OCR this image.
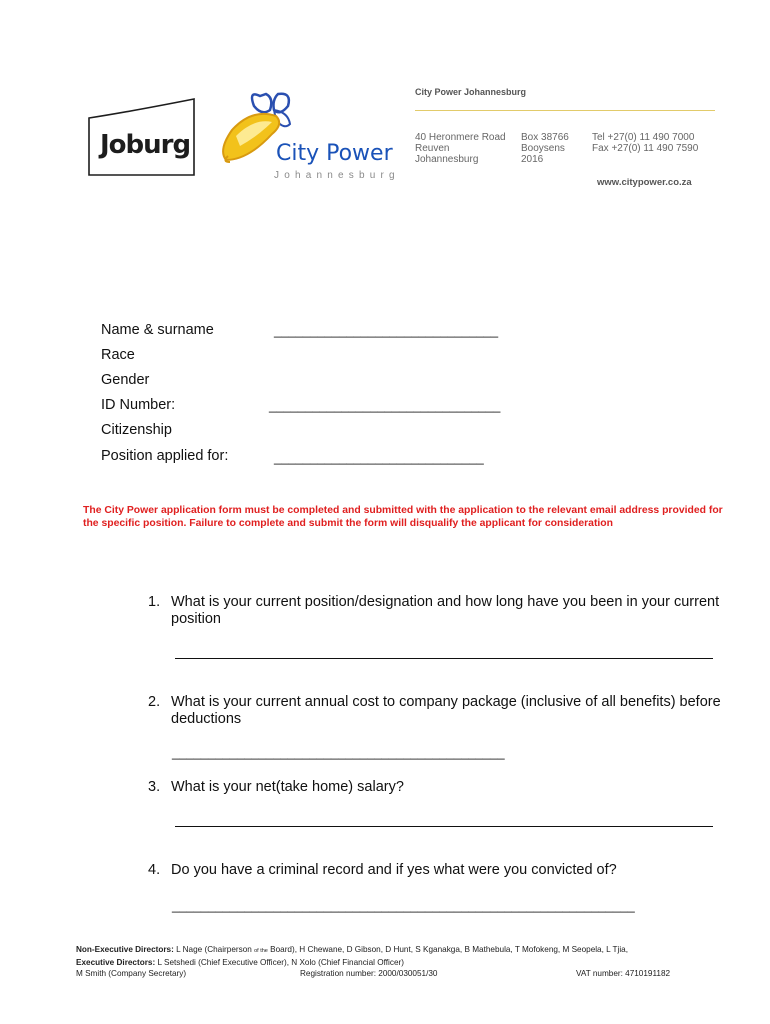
Joburg	City Power
Johannesburg
City Power Johannesburg
40 Heronmere Road
Reuven
Johannesburg
Box 38766
Booysens
2016
Tel +27(0) 11 490 7000
Fax +27(0) 11 490 7590
www.citypower.co.za
Name & surname	_______________________________
Race
Gender
ID Number:	________________________________
Citizenship
Position applied for:	_____________________________
The City Power application form must be completed and submitted with the application to the relevant email address provided for the specific position. Failure to complete and submit the form will disqualify the applicant for consideration
1. What is your current position/designation and how long have you been in your current position
2. What is your current annual cost to company package (inclusive of all benefits) before deductions
______________________________________________
3. What is your net(take home) salary?
4. Do you have a criminal record and if yes what were you convicted of?
________________________________________________________________
Non-Executive Directors: L Nage (Chairperson of the Board), H Chewane, D Gibson, D Hunt, S Kganakga, B Mathebula, T Mofokeng, M Seopela, L Tjia,
Executive Directors: L Setshedi (Chief Executive Officer), N Xolo (Chief Financial Officer)
M Smith (Company Secretary)	Registration number: 2000/030051/30	VAT number: 4710191182
